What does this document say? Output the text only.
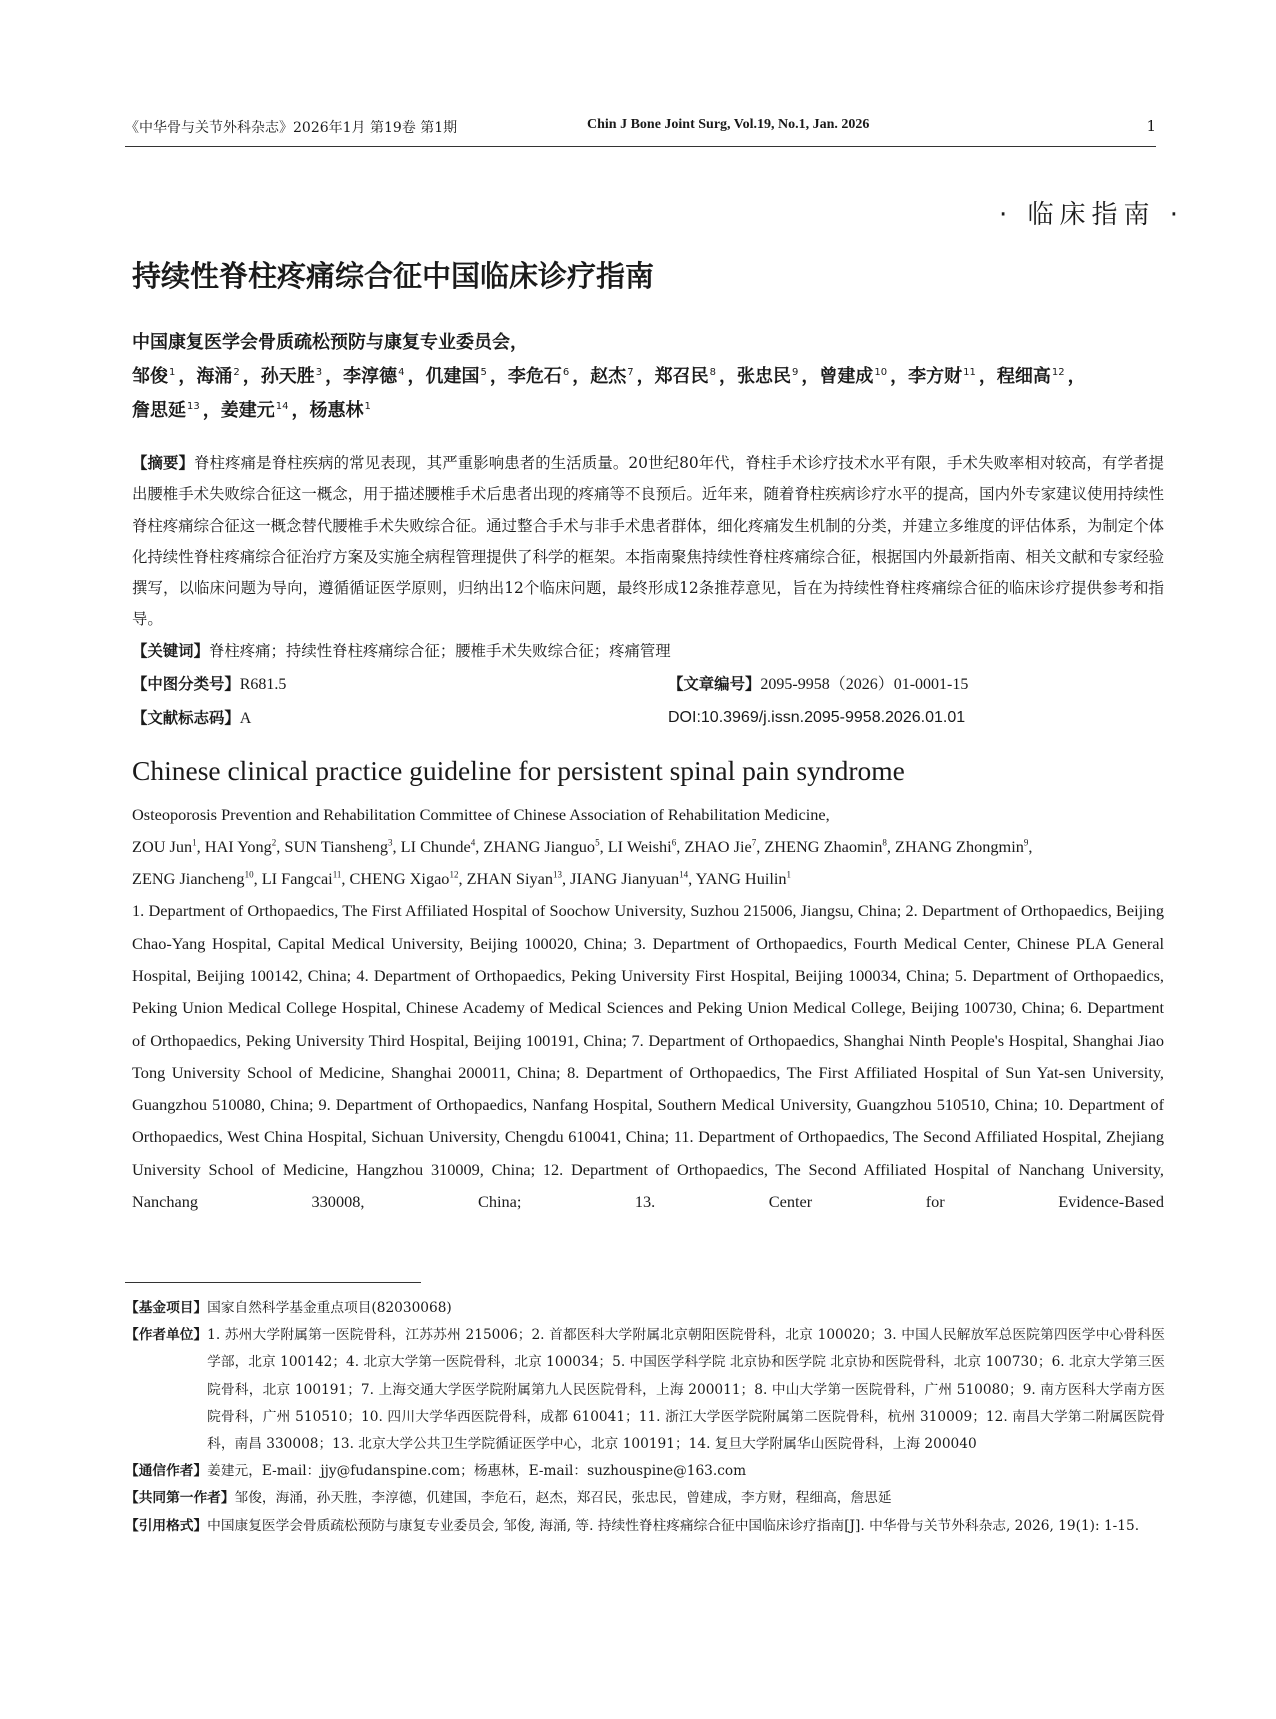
《中华骨与关节外科杂志》2026年1月 第19卷 第1期	Chin J Bone Joint Surg, Vol.19, No.1, Jan. 2026	1
· 临床指南 ·
持续性脊柱疼痛综合征中国临床诊疗指南
中国康复医学会骨质疏松预防与康复专业委员会，
邹俊$^1$ ，海涌$^2$ ，孙天胜$^3$ ，李淳德$^4$ ，仉建国$^5$ ，李危石$^6$ ，赵杰$^7$ ，郑召民$^8$ ，张忠民$^9$ ，曾建成$^{10}$ ，李方财$^{11}$ ，程细高$^{12}$ ，
詹思延$^{13}$ ，姜建元$^{14}$ ，杨惠林$^1$
【摘要】脊柱疼痛是脊柱疾病的常见表现，其严重影响患者的生活质量。20世纪80年代，脊柱手术诊疗技术水平有限，手术失败率相对较高，有学者提出腰椎手术失败综合征这一概念，用于描述腰椎手术后患者出现的疼痛等不良预后。近年来，随着脊柱疾病诊疗水平的提高，国内外专家建议使用持续性脊柱疼痛综合征这一概念替代腰椎手术失败综合征。通过整合手术与非手术患者群体，细化疼痛发生机制的分类，并建立多维度的评估体系，为制定个体化持续性脊柱疼痛综合征治疗方案及实施全病程管理提供了科学的框架。本指南聚焦持续性脊柱疼痛综合征，根据国内外最新指南、相关文献和专家经验撰写，以临床问题为导向，遵循循证医学原则，归纳出12个临床问题，最终形成12条推荐意见，旨在为持续性脊柱疼痛综合征的临床诊疗提供参考和指导。
【关键词】脊柱疼痛；持续性脊柱疼痛综合征；腰椎手术失败综合征；疼痛管理
【中图分类号】R681.5	【文章编号】2095-9958（2026）01-0001-15
【文献标志码】A	DOI:10.3969/j.issn.2095-9958.2026.01.01
Chinese clinical practice guideline for persistent spinal pain syndrome
Osteoporosis Prevention and Rehabilitation Committee of Chinese Association of Rehabilitation Medicine,
ZOU Jun$^1$, HAI Yong$^2$, SUN Tiansheng$^3$, LI Chunde$^4$, ZHANG Jianguo$^5$, LI Weishi$^6$, ZHAO Jie$^7$, ZHENG Zhaomin$^8$, ZHANG Zhongmin$^9$,
ZENG Jiancheng$^{10}$, LI Fangcai$^{11}$, CHENG Xigao$^{12}$, ZHAN Siyan$^{13}$, JIANG Jianyuan$^{14}$, YANG Huilin$^1$
1. Department of Orthopaedics, The First Affiliated Hospital of Soochow University, Suzhou 215006, Jiangsu, China; 2. Department of Orthopaedics, Beijing Chao-Yang Hospital, Capital Medical University, Beijing 100020, China; 3. Department of Orthopaedics, Fourth Medical Center, Chinese PLA General Hospital, Beijing 100142, China; 4. Department of Orthopaedics, Peking University First Hospital, Beijing 100034, China; 5. Department of Orthopaedics, Peking Union Medical College Hospital, Chinese Academy of Medical Sciences and Peking Union Medical College, Beijing 100730, China; 6. Department of Orthopaedics, Peking University Third Hospital, Beijing 100191, China; 7. Department of Orthopaedics, Shanghai Ninth People's Hospital, Shanghai Jiao Tong University School of Medicine, Shanghai 200011, China; 8. Department of Orthopaedics, The First Affiliated Hospital of Sun Yat-sen University, Guangzhou 510080, China; 9. Department of Orthopaedics, Nanfang Hospital, Southern Medical University, Guangzhou 510510, China; 10. Department of Orthopaedics, West China Hospital, Sichuan University, Chengdu 610041, China; 11. Department of Orthopaedics, The Second Affiliated Hospital, Zhejiang University School of Medicine, Hangzhou 310009, China; 12. Department of Orthopaedics, The Second Affiliated Hospital of Nanchang University, Nanchang 330008, China; 13. Center for Evidence-Based
【基金项目】 国家自然科学基金重点项目(82030068)
【作者单位】 1. 苏州大学附属第一医院骨科，江苏苏州 215006；2. 首都医科大学附属北京朝阳医院骨科，北京 100020；3. 中国人民解放军总医院第四医学中心骨科医学部，北京 100142；4. 北京大学第一医院骨科，北京 100034；5. 中国医学科学院 北京协和医学院 北京协和医院骨科，北京 100730；6. 北京大学第三医院骨科，北京 100191；7. 上海交通大学医学院附属第九人民医院骨科，上海 200011；8. 中山大学第一医院骨科，广州 510080；9. 南方医科大学南方医院骨科，广州 510510；10. 四川大学华西医院骨科，成都 610041；11. 浙江大学医学院附属第二医院骨科，杭州 310009；12. 南昌大学第二附属医院骨科，南昌 330008；13. 北京大学公共卫生学院循证医学中心，北京 100191；14. 复旦大学附属华山医院骨科，上海 200040
【通信作者】 姜建元，E-mail：jjy@fudanspine.com；杨惠林，E-mail：suzhouspine@163.com
【共同第一作者】 邹俊，海涌，孙天胜，李淳德，仉建国，李危石，赵杰，郑召民，张忠民，曾建成，李方财，程细高，詹思延
【引用格式】 中国康复医学会骨质疏松预防与康复专业委员会, 邹俊, 海涌, 等. 持续性脊柱疼痛综合征中国临床诊疗指南[J]. 中华骨与关节外科杂志, 2026, 19(1): 1-15.
